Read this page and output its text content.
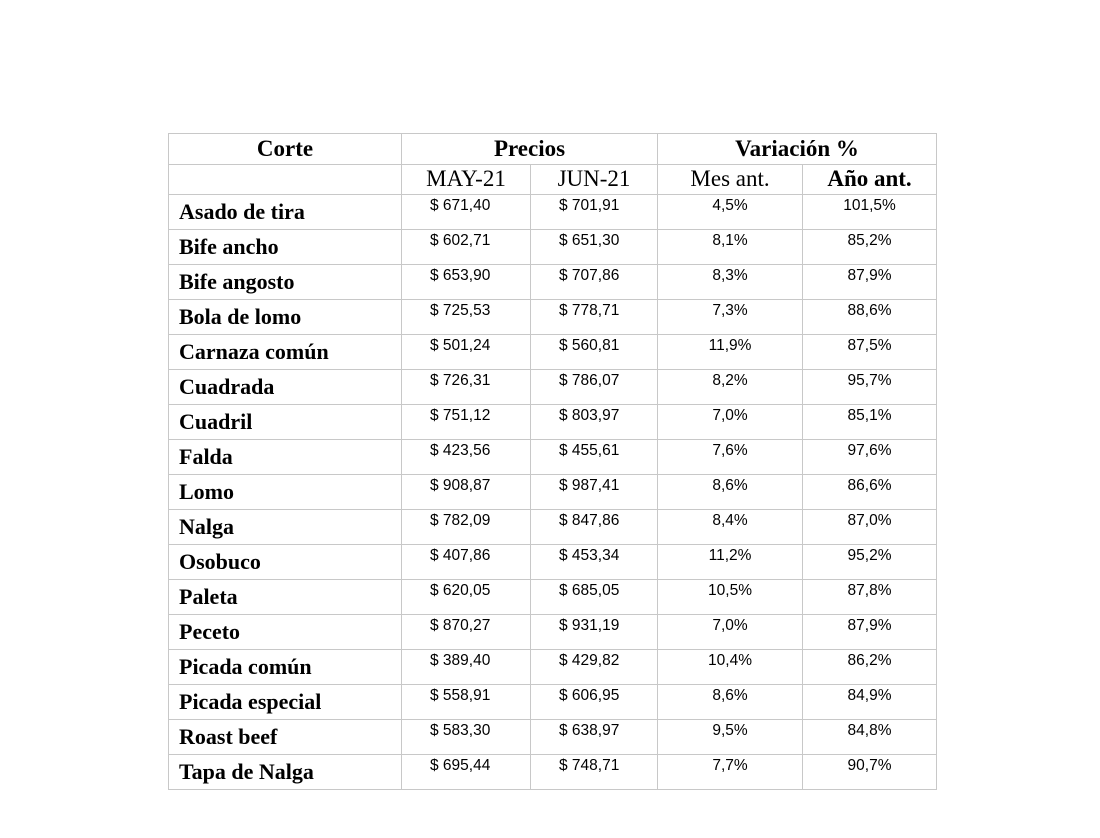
Corte	Precios		Variación %	
	MAY-21	JUN-21	Mes ant.	Año ant.
Asado de tira	$ 671,40	$ 701,91	4,5%	101,5%
Bife ancho	$ 602,71	$ 651,30	8,1%	85,2%
Bife angosto	$ 653,90	$ 707,86	8,3%	87,9%
Bola de lomo	$ 725,53	$ 778,71	7,3%	88,6%
Carnaza común	$ 501,24	$ 560,81	11,9%	87,5%
Cuadrada	$ 726,31	$ 786,07	8,2%	95,7%
Cuadril	$ 751,12	$ 803,97	7,0%	85,1%
Falda	$ 423,56	$ 455,61	7,6%	97,6%
Lomo	$ 908,87	$ 987,41	8,6%	86,6%
Nalga	$ 782,09	$ 847,86	8,4%	87,0%
Osobuco	$ 407,86	$ 453,34	11,2%	95,2%
Paleta	$ 620,05	$ 685,05	10,5%	87,8%
Peceto	$ 870,27	$ 931,19	7,0%	87,9%
Picada común	$ 389,40	$ 429,82	10,4%	86,2%
Picada especial	$ 558,91	$ 606,95	8,6%	84,9%
Roast beef	$ 583,30	$ 638,97	9,5%	84,8%
Tapa de Nalga	$ 695,44	$ 748,71	7,7%	90,7%
